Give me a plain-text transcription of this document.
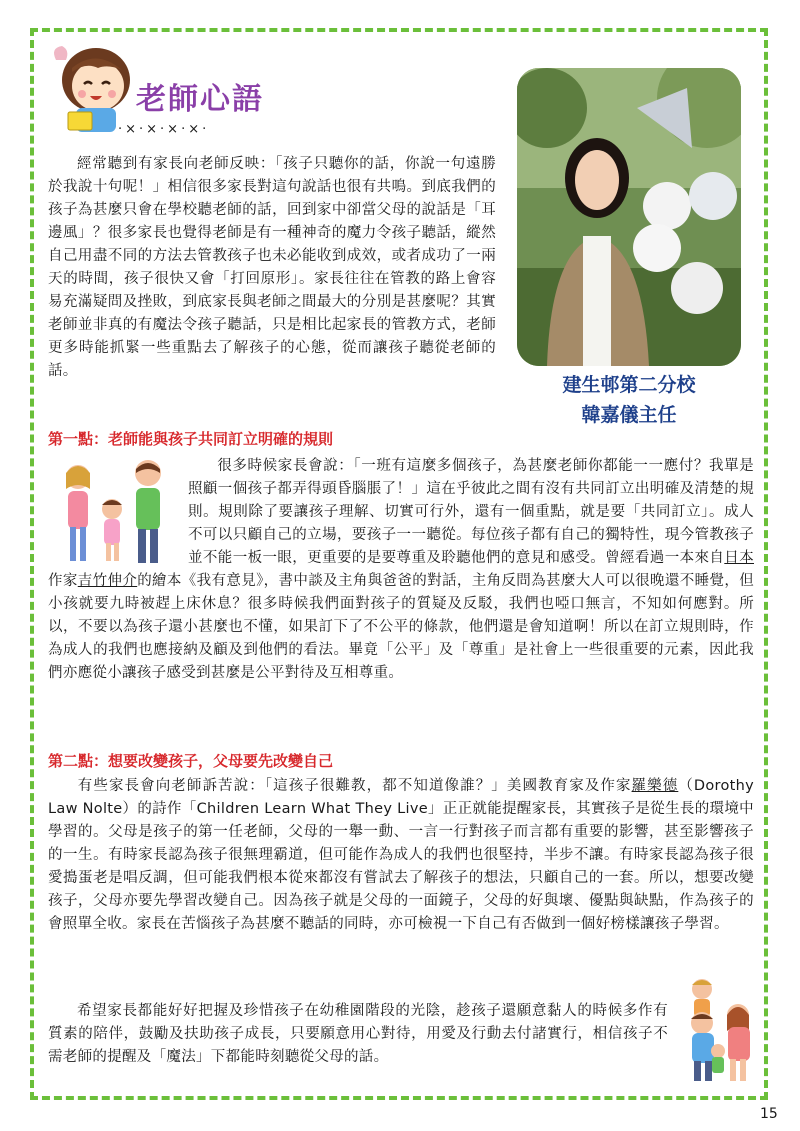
老師心語
·×·×·×·×·
建生邨第二分校
韓嘉儀主任

經常聽到有家長向老師反映：「孩子只聽你的話，你說一句遠勝於我說十句呢！」相信很多家長對這句說話也很有共鳴。到底我們的孩子為甚麼只會在學校聽老師的話，回到家中卻當父母的說話是「耳邊風」？很多家長也覺得老師是有一種神奇的魔力令孩子聽話，縱然自己用盡不同的方法去管教孩子也未必能收到成效，或者成功了一兩天的時間，孩子很快又會「打回原形」。家長往往在管教的路上會容易充滿疑問及挫敗，到底家長與老師之間最大的分別是甚麼呢？其實老師並非真的有魔法令孩子聽話，只是相比起家長的管教方式，老師更多時能抓緊一些重點去了解孩子的心態，從而讓孩子聽從老師的話。

第一點：老師能與孩子共同訂立明確的規則

很多時候家長會說：「一班有這麼多個孩子，為甚麼老師你都能一一應付？我單是照顧一個孩子都弄得頭昏腦脹了！」這在乎彼此之間有沒有共同訂立出明確及清楚的規則。規則除了要讓孩子理解、切實可行外，還有一個重點，就是要「共同訂立」。成人不可以只顧自己的立場，要孩子一一聽從。每位孩子都有自己的獨特性，現今管教孩子並不能一板一眼，更重要的是要尊重及聆聽他們的意見和感受。曾經看過一本來自日本作家吉竹伸介的繪本《我有意見》，書中談及主角與爸爸的對話，主角反問為甚麼大人可以很晚還不睡覺，但小孩就要九時被趕上床休息？很多時候我們面對孩子的質疑及反駁，我們也啞口無言，不知如何應對。所以，不要以為孩子還小甚麼也不懂，如果訂下了不公平的條款，他們還是會知道啊！所以在訂立規則時，作為成人的我們也應接納及顧及到他們的看法。畢竟「公平」及「尊重」是社會上一些很重要的元素，因此我們亦應從小讓孩子感受到甚麼是公平對待及互相尊重。

第二點：想要改變孩子，父母要先改變自己

有些家長會向老師訴苦說：「這孩子很難教，都不知道像誰？」美國教育家及作家羅樂德（Dorothy Law Nolte）的詩作「Children Learn What They Live」正正就能提醒家長，其實孩子是從生長的環境中學習的。父母是孩子的第一任老師，父母的一舉一動、一言一行對孩子而言都有重要的影響，甚至影響孩子的一生。有時家長認為孩子很無理霸道，但可能作為成人的我們也很堅持，半步不讓。有時家長認為孩子很愛搗蛋老是唱反調，但可能我們根本從來都沒有嘗試去了解孩子的想法，只顧自己的一套。所以，想要改變孩子，父母亦要先學習改變自己。因為孩子就是父母的一面鏡子，父母的好與壞、優點與缺點，作為孩子的會照單全收。家長在苦惱孩子為甚麼不聽話的同時，亦可檢視一下自己有否做到一個好榜樣讓孩子學習。

希望家長都能好好把握及珍惜孩子在幼稚園階段的光陰，趁孩子還願意黏人的時候多作有質素的陪伴，鼓勵及扶助孩子成長，只要願意用心對待，用愛及行動去付諸實行，相信孩子不需老師的提醒及「魔法」下都能時刻聽從父母的話。

15
